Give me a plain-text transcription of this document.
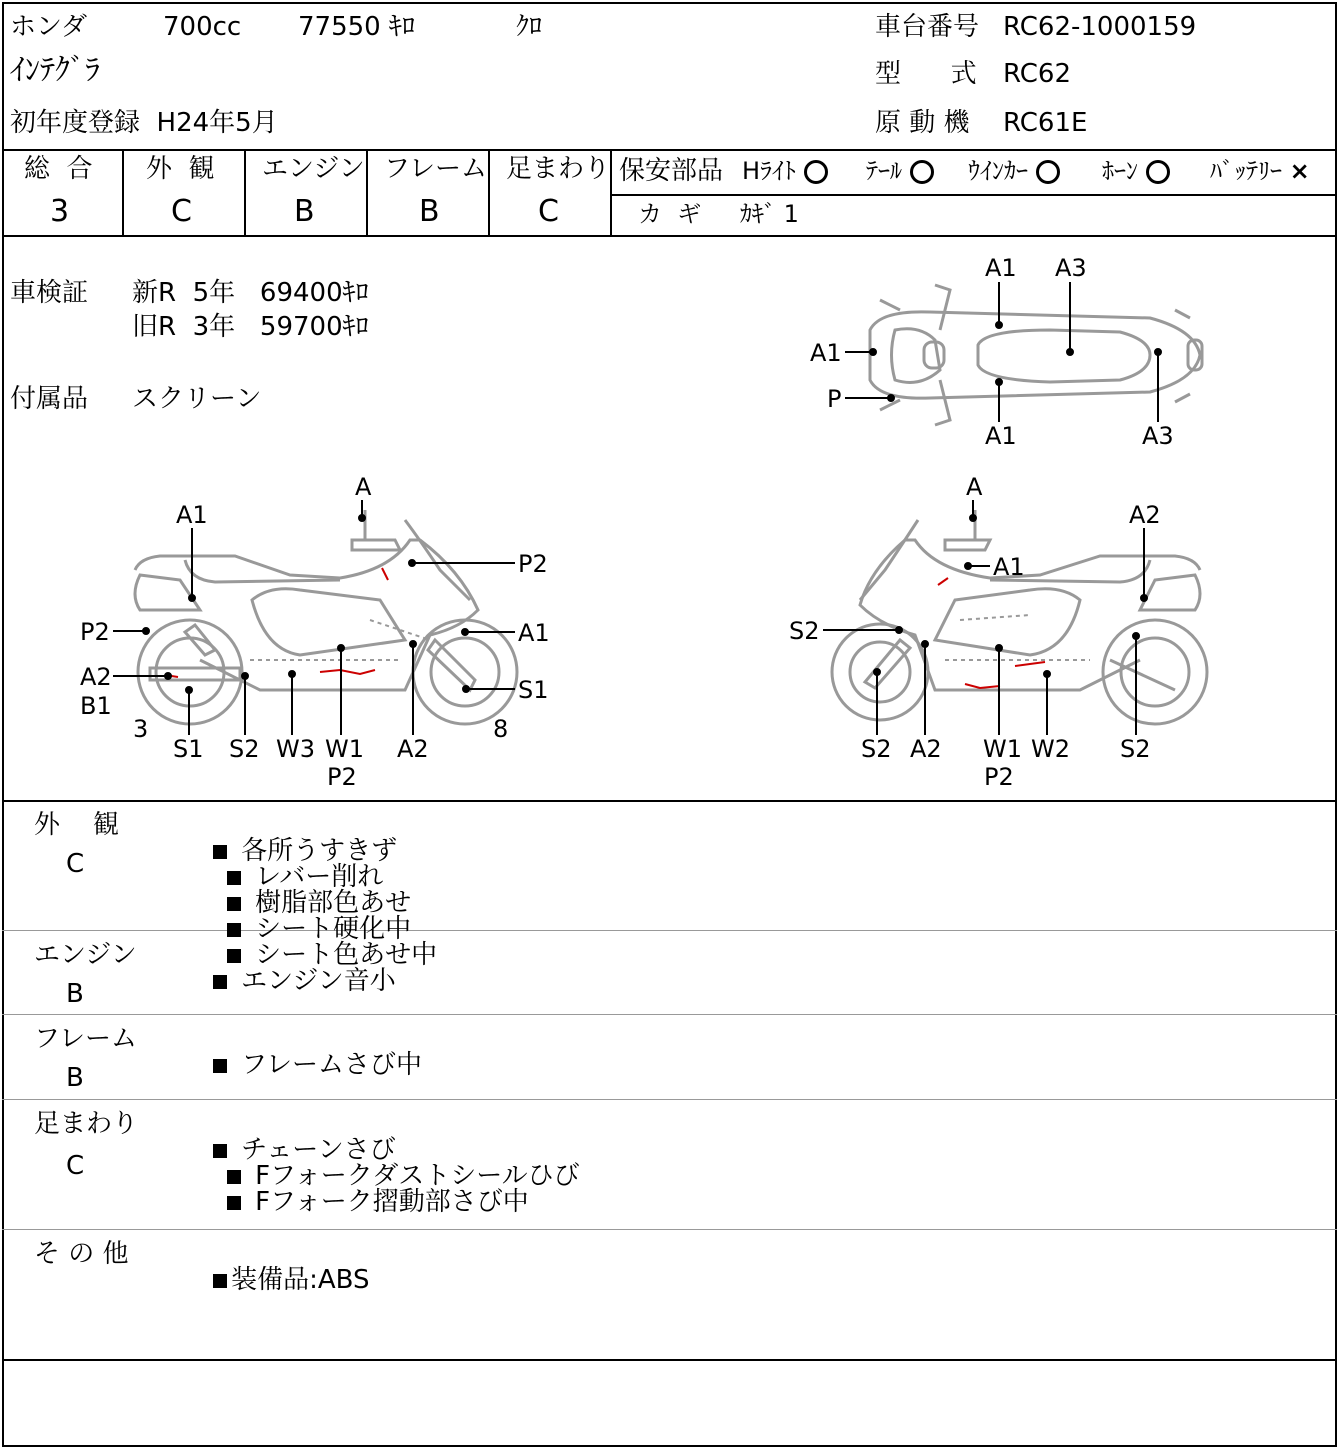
ホンダ	700cc 77550 ｷﾛ	ｸﾛ
ｲﾝﾃｸﾞﾗ
初年度登録  H24年5月
車台番号 RC62-1000159
型      式 RC62
原 動 機 RC61E
総  合
3
外  観
C
エンジン
B
フレーム
B
足まわり
C
保安部品 Hﾗｲﾄ	ﾃｰﾙ	ｳｲﾝｶｰ	ﾎｰﾝ	ﾊﾞｯﾃﾘｰ ×
カ  ギ ｶｷﾞ 1
車検証 新R  5年   69400ｷﾛ
旧R  3年   59700ｷﾛ
付属品 スクリーン
A1 A3
A1
P
A1	A3
A
A1
P2
P2	A1
A2
B1
S1
3	8
S1 S2 W3 W1
P2
A2
A
A2
A1
S2
S2 A2 W1
P2
W2 S2
外    観
C	各所うすきず
レバー削れ
樹脂部色あせ
シート硬化中
シート色あせ中

エンジン
B	エンジン音小

フレーム
B	フレームさび中

足まわり
C

チェーンさび
Fフォークダストシールひび
Fフォーク摺動部さび中

そ の 他

装備品:ABS
